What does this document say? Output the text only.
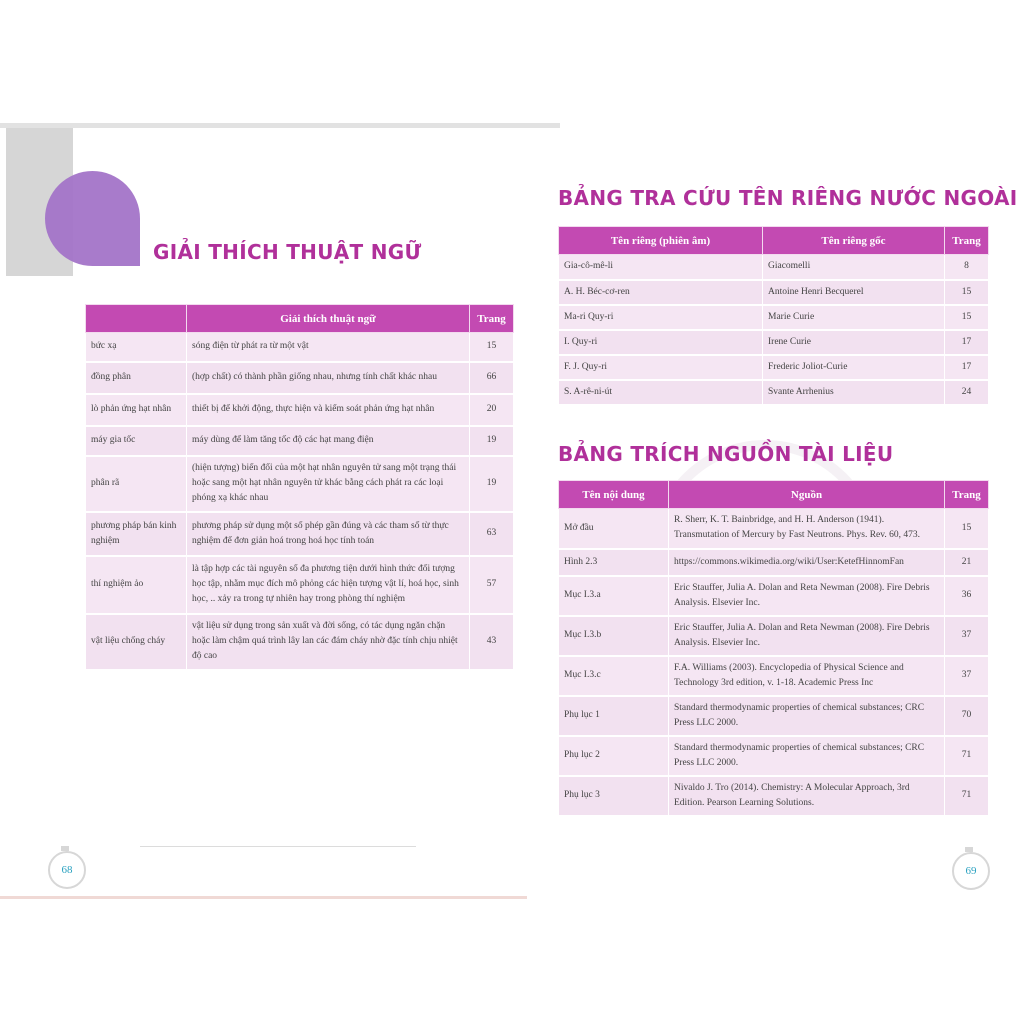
GIẢI THÍCH THUẬT NGỮ
	Giải thích thuật ngữ	Trang
bức xạ	sóng điện từ phát ra từ một vật	15
đồng phân	(hợp chất) có thành phần giống nhau, nhưng tính chất khác nhau	66
lò phản ứng hạt nhân	thiết bị để khởi động, thực hiện và kiểm soát phản ứng hạt nhân	20
máy gia tốc	máy dùng để làm tăng tốc độ các hạt mang điện	19
phân rã	(hiện tượng) biến đổi của một hạt nhân nguyên tử sang một trạng thái hoặc sang một hạt nhân nguyên tử khác bằng cách phát ra các loại phóng xạ khác nhau	19
phương pháp bán kinh nghiệm	phương pháp sử dụng một số phép gần đúng và các tham số từ thực nghiệm để đơn giản hoá trong hoá học tính toán	63
thí nghiệm ảo	là tập hợp các tài nguyên số đa phương tiện dưới hình thức đối tượng học tập, nhằm mục đích mô phỏng các hiện tượng vật lí, hoá học, sinh học, .. xảy ra trong tự nhiên hay trong phòng thí nghiệm	57
vật liệu chống cháy	vật liệu sử dụng trong sản xuất và đời sống, có tác dụng ngăn chặn hoặc làm chậm quá trình lây lan các đám cháy nhờ đặc tính chịu nhiệt độ cao	43
68
BẢNG TRA CỨU TÊN RIÊNG NƯỚC NGOÀI
Tên riêng (phiên âm)	Tên riêng gốc	Trang
Gia-cô-mê-li	Giacomelli	8
A. H. Béc-cơ-ren	Antoine Henri Becquerel	15
Ma-ri Quy-ri	Marie Curie	15
I. Quy-ri	Irene Curie	17
F. J. Quy-ri	Frederic Joliot-Curie	17
S. A-rê-ni-út	Svante Arrhenius	24
BẢNG TRÍCH NGUỒN TÀI LIỆU
Tên nội dung	Nguồn	Trang
Mở đầu	R. Sherr, K. T. Bainbridge, and H. H. Anderson (1941). Transmutation of Mercury by Fast Neutrons. Phys. Rev. 60, 473.	15
Hình 2.3	https://commons.wikimedia.org/wiki/User:KetefHinnomFan	21
Mục I.3.a	Eric Stauffer, Julia A. Dolan and Reta Newman (2008). Fire Debris Analysis. Elsevier Inc.	36
Mục I.3.b	Eric Stauffer, Julia A. Dolan and Reta Newman (2008). Fire Debris Analysis. Elsevier Inc.	37
Mục I.3.c	F.A. Williams (2003). Encyclopedia of Physical Science and Technology 3rd edition, v. 1-18. Academic Press Inc	37
Phụ lục 1	Standard thermodynamic properties of chemical substances; CRC Press LLC 2000.	70
Phụ lục 2	Standard thermodynamic properties of chemical substances; CRC Press LLC 2000.	71
Phụ lục 3	Nivaldo J. Tro (2014). Chemistry: A Molecular Approach, 3rd Edition. Pearson Learning Solutions.	71
69
